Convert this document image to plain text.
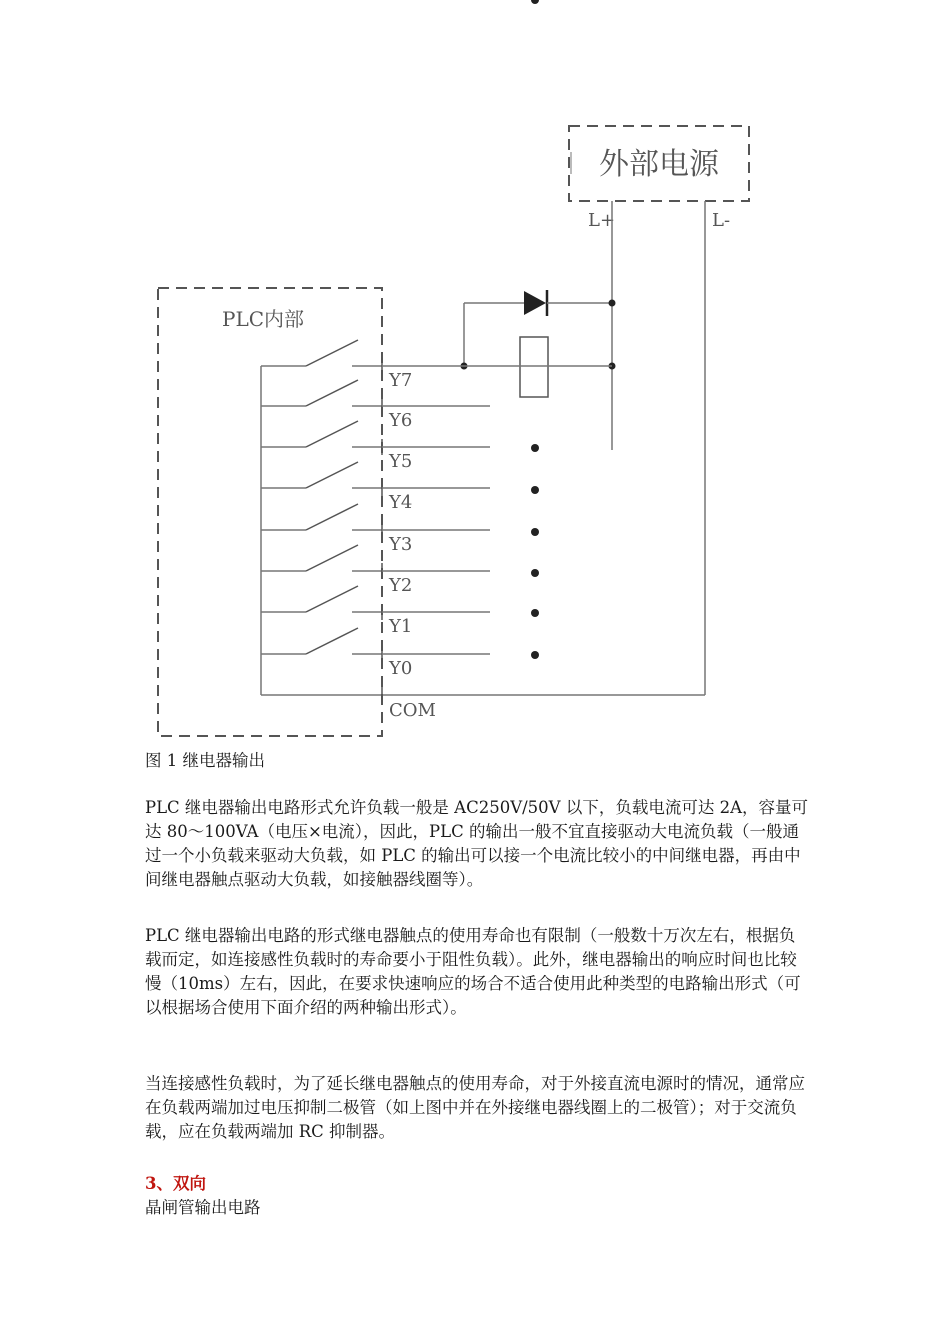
外部电源
L+	L-
PLC内部
Y7
Y6
Y5
Y4
Y3
Y2
Y1
Y0
COM
图 1 继电器输出
PLC 继电器输出电路形式允许负载一般是 AC250V/50V 以下，负载电流可达 2A，容量可达 80～100VA（电压×电流），因此，PLC 的输出一般不宜直接驱动大电流负载（一般通过一个小负载来驱动大负载，如 PLC 的输出可以接一个电流比较小的中间继电器，再由中间继电器触点驱动大负载，如接触器线圈等）。
PLC 继电器输出电路的形式继电器触点的使用寿命也有限制（一般数十万次左右，根据负载而定，如连接感性负载时的寿命要小于阻性负载）。此外，继电器输出的响应时间也比较慢（10ms）左右，因此，在要求快速响应的场合不适合使用此种类型的电路输出形式（可以根据场合使用下面介绍的两种输出形式）。
当连接感性负载时，为了延长继电器触点的使用寿命，对于外接直流电源时的情况，通常应在负载两端加过电压抑制二极管（如上图中并在外接继电器线圈上的二极管）；对于交流负载，应在负载两端加 RC 抑制器。
3、双向
晶闸管输出电路
